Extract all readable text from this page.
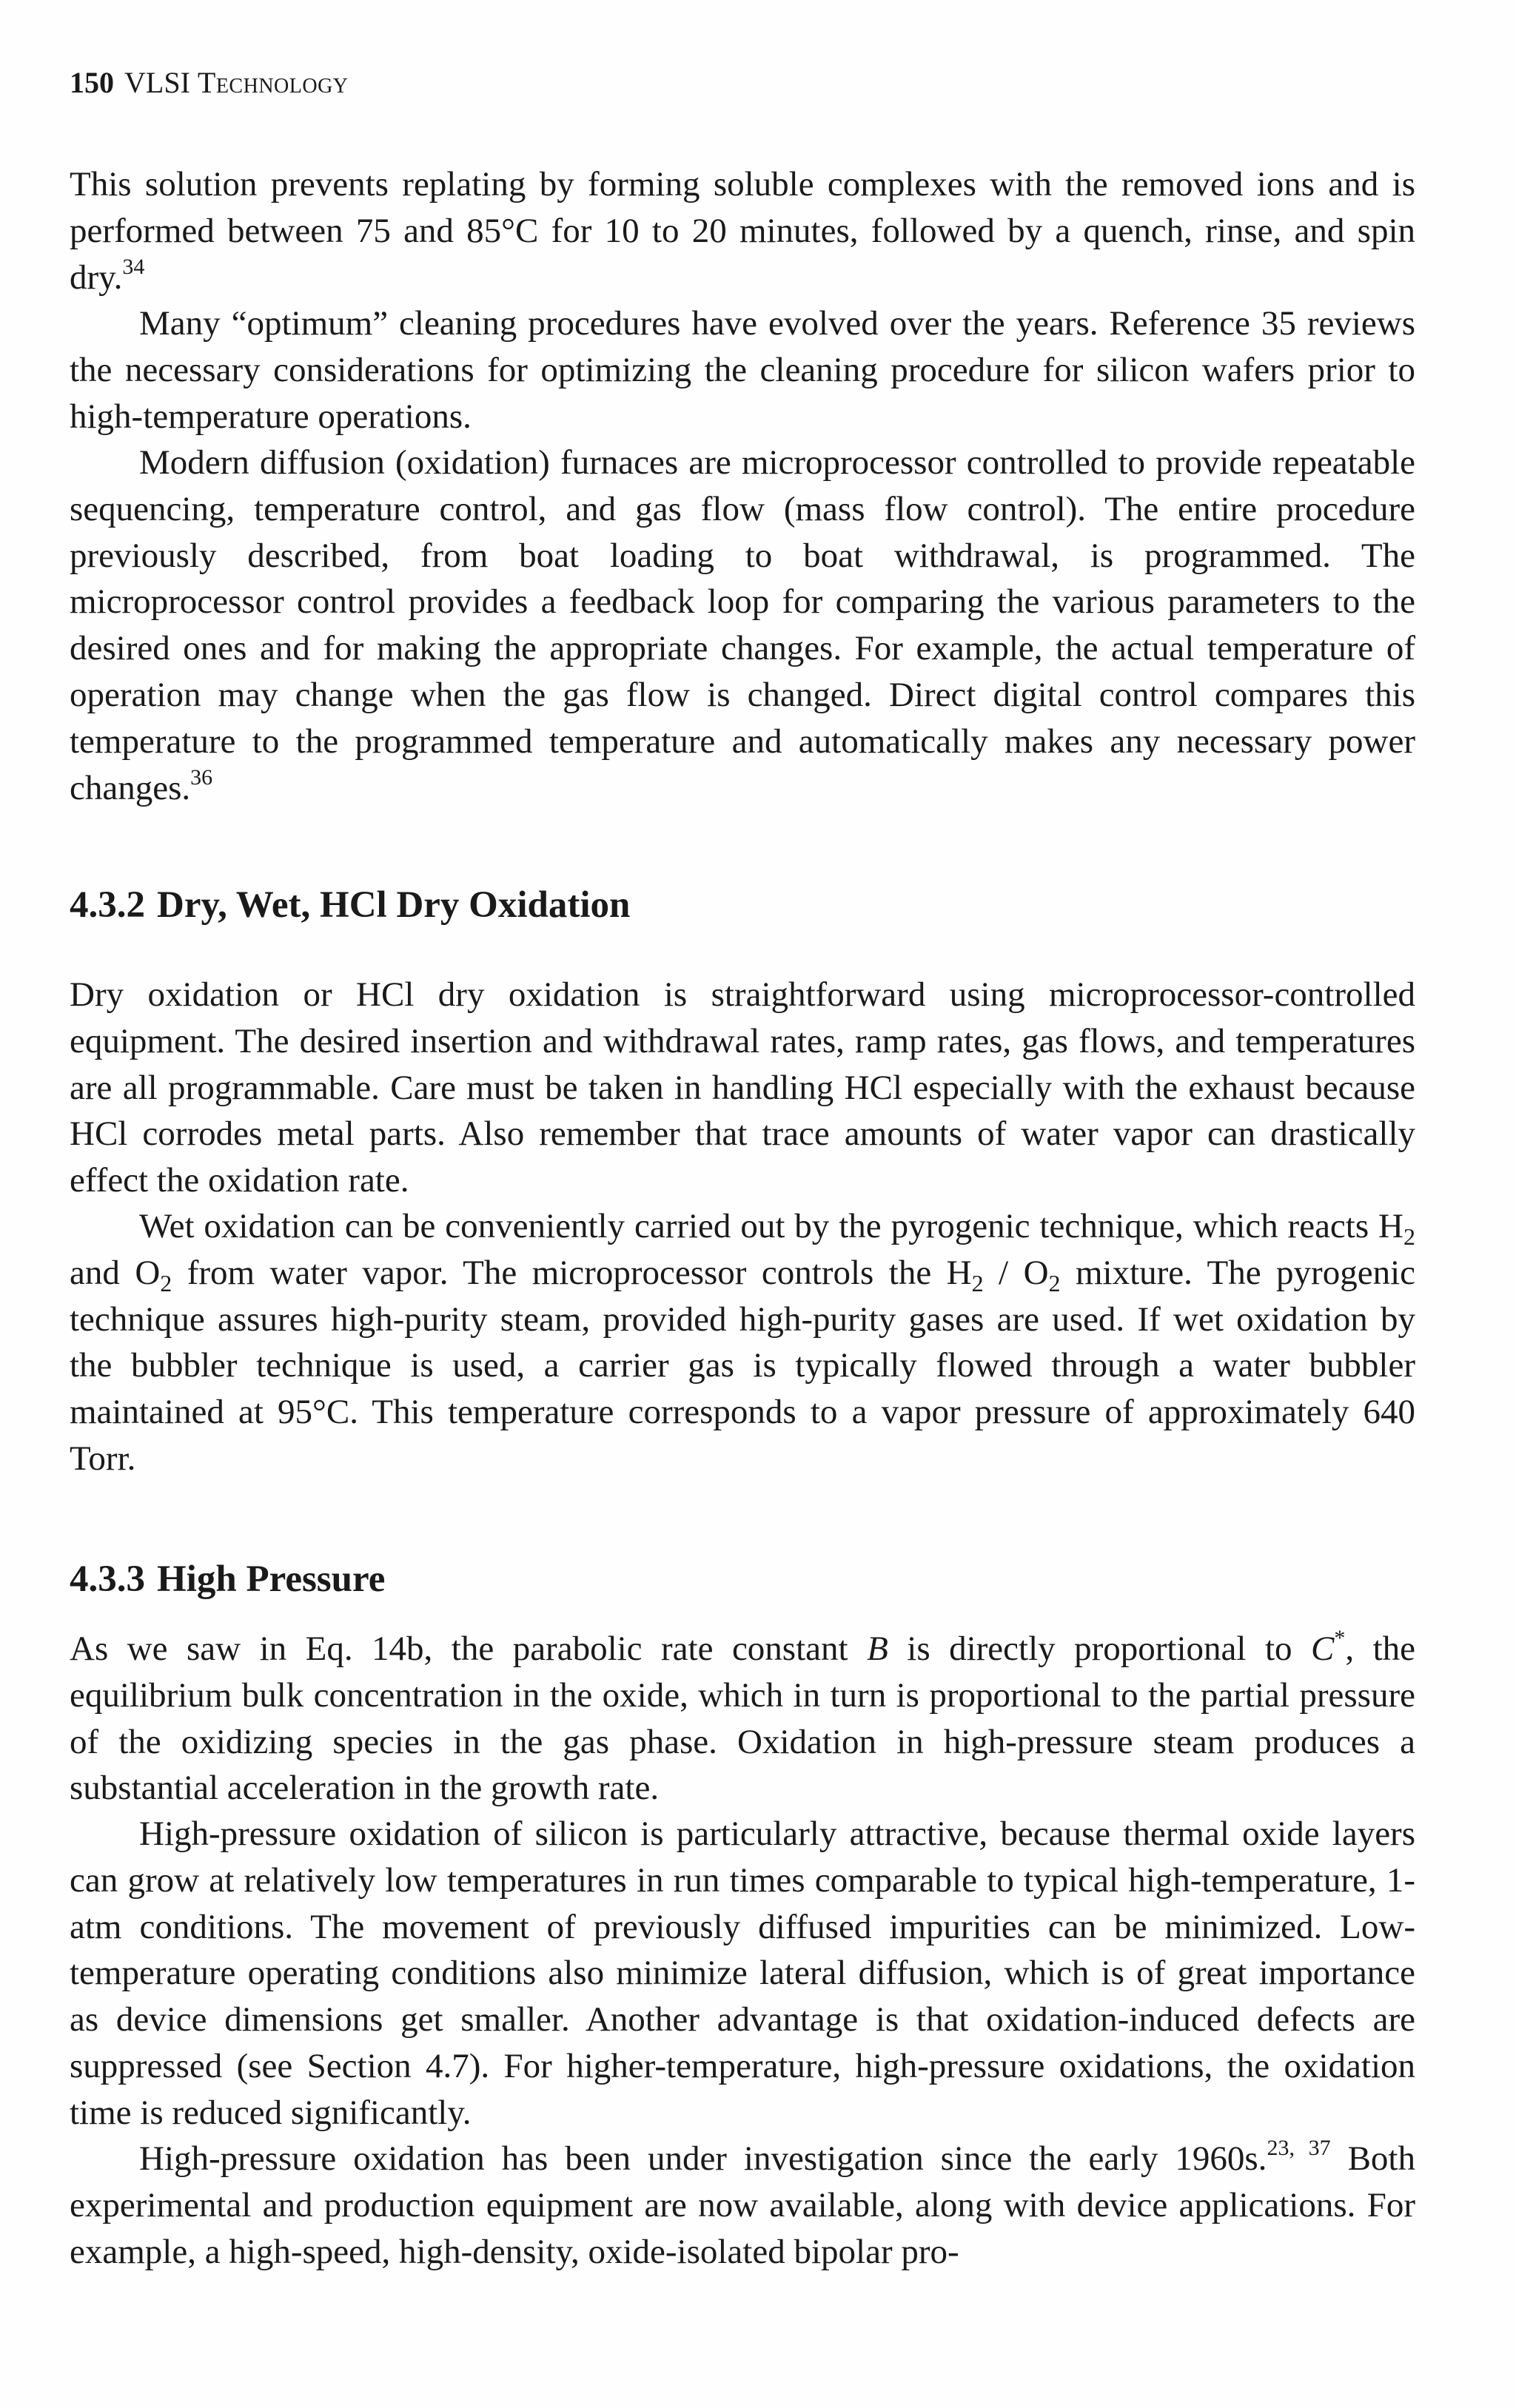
150 VLSI Technology

This solution prevents replating by forming soluble complexes with the removed ions and is performed between 75 and 85°C for 10 to 20 minutes, followed by a quench, rinse, and spin dry.$^{34}$

Many “optimum” cleaning procedures have evolved over the years. Reference 35 reviews the necessary considerations for optimizing the cleaning procedure for silicon wafers prior to high-temperature operations.

Modern diffusion (oxidation) furnaces are microprocessor controlled to provide repeatable sequencing, temperature control, and gas flow (mass flow control). The entire procedure previously described, from boat loading to boat withdrawal, is programmed. The microprocessor control provides a feedback loop for comparing the various parameters to the desired ones and for making the appropriate changes. For example, the actual temperature of operation may change when the gas flow is changed. Direct digital control compares this temperature to the programmed temperature and automatically makes any necessary power changes.$^{36}$

4.3.2 Dry, Wet, HCl Dry Oxidation

Dry oxidation or HCl dry oxidation is straightforward using microprocessor-controlled equipment. The desired insertion and withdrawal rates, ramp rates, gas flows, and temperatures are all programmable. Care must be taken in handling HCl especially with the exhaust because HCl corrodes metal parts. Also remember that trace amounts of water vapor can drastically effect the oxidation rate.

Wet oxidation can be conveniently carried out by the pyrogenic technique, which reacts $H_2$ and $O_2$ from water vapor. The microprocessor controls the $H_2 / O_2$ mixture. The pyrogenic technique assures high-purity steam, provided high-purity gases are used. If wet oxidation by the bubbler technique is used, a carrier gas is typically flowed through a water bubbler maintained at 95°C. This temperature corresponds to a vapor pressure of approximately 640 Torr.

4.3.3 High Pressure

As we saw in Eq. 14b, the parabolic rate constant B is directly proportional to C*, the equilibrium bulk concentration in the oxide, which in turn is proportional to the partial pressure of the oxidizing species in the gas phase. Oxidation in high-pressure steam produces a substantial acceleration in the growth rate.

High-pressure oxidation of silicon is particularly attractive, because thermal oxide layers can grow at relatively low temperatures in run times comparable to typical high-temperature, 1-atm conditions. The movement of previously diffused impurities can be minimized. Low-temperature operating conditions also minimize lateral diffusion, which is of great importance as device dimensions get smaller. Another advantage is that oxidation-induced defects are suppressed (see Section 4.7). For higher-temperature, high-pressure oxidations, the oxidation time is reduced significantly.

High-pressure oxidation has been under investigation since the early 1960s.$^{23, 37}$ Both experimental and production equipment are now available, along with device applications. For example, a high-speed, high-density, oxide-isolated bipolar pro-
